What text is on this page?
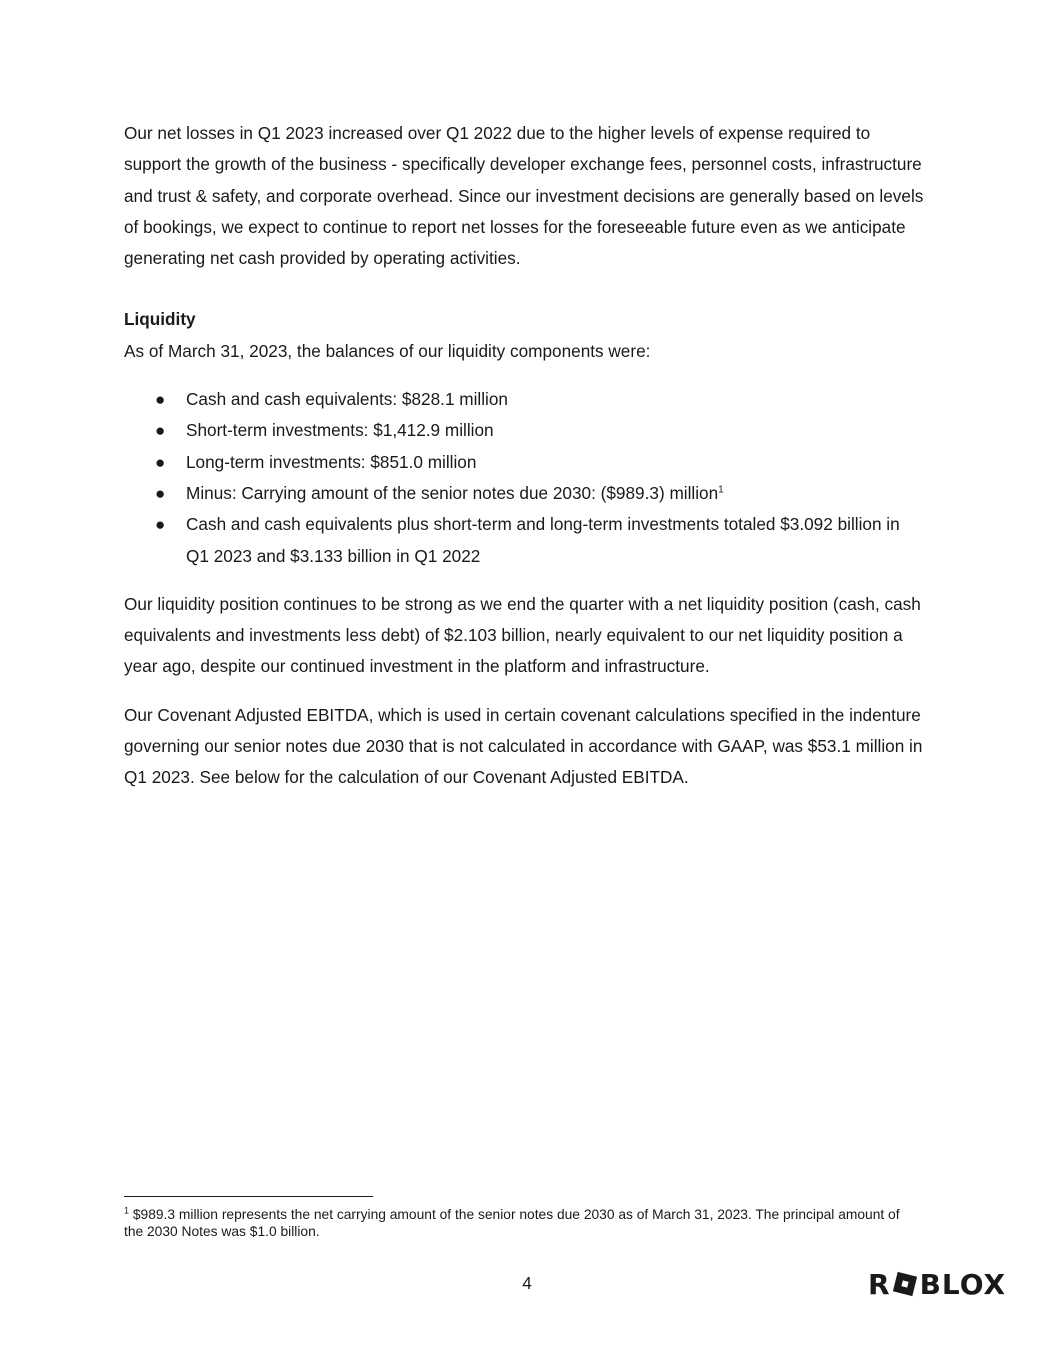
Our net losses in Q1 2023 increased over Q1 2022 due to the higher levels of expense required to support the growth of the business - specifically developer exchange fees, personnel costs, infrastructure and trust & safety, and corporate overhead. Since our investment decisions are generally based on levels of bookings, we expect to continue to report net losses for the foreseeable future even as we anticipate generating net cash provided by operating activities.

Liquidity

As of March 31, 2023, the balances of our liquidity components were:

● Cash and cash equivalents: $828.1 million
● Short-term investments: $1,412.9 million
● Long-term investments: $851.0 million
● Minus: Carrying amount of the senior notes due 2030: ($989.3) million$^1$
● Cash and cash equivalents plus short-term and long-term investments totaled $3.092 billion in Q1 2023 and $3.133 billion in Q1 2022

Our liquidity position continues to be strong as we end the quarter with a net liquidity position (cash, cash equivalents and investments less debt) of $2.103 billion, nearly equivalent to our net liquidity position a year ago, despite our continued investment in the platform and infrastructure.

Our Covenant Adjusted EBITDA, which is used in certain covenant calculations specified in the indenture governing our senior notes due 2030 that is not calculated in accordance with GAAP, was $53.1 million in Q1 2023. See below for the calculation of our Covenant Adjusted EBITDA.

$^1$ $989.3 million represents the net carrying amount of the senior notes due 2030 as of March 31, 2023. The principal amount of the 2030 Notes was $1.0 billion.
4	R BLOX
